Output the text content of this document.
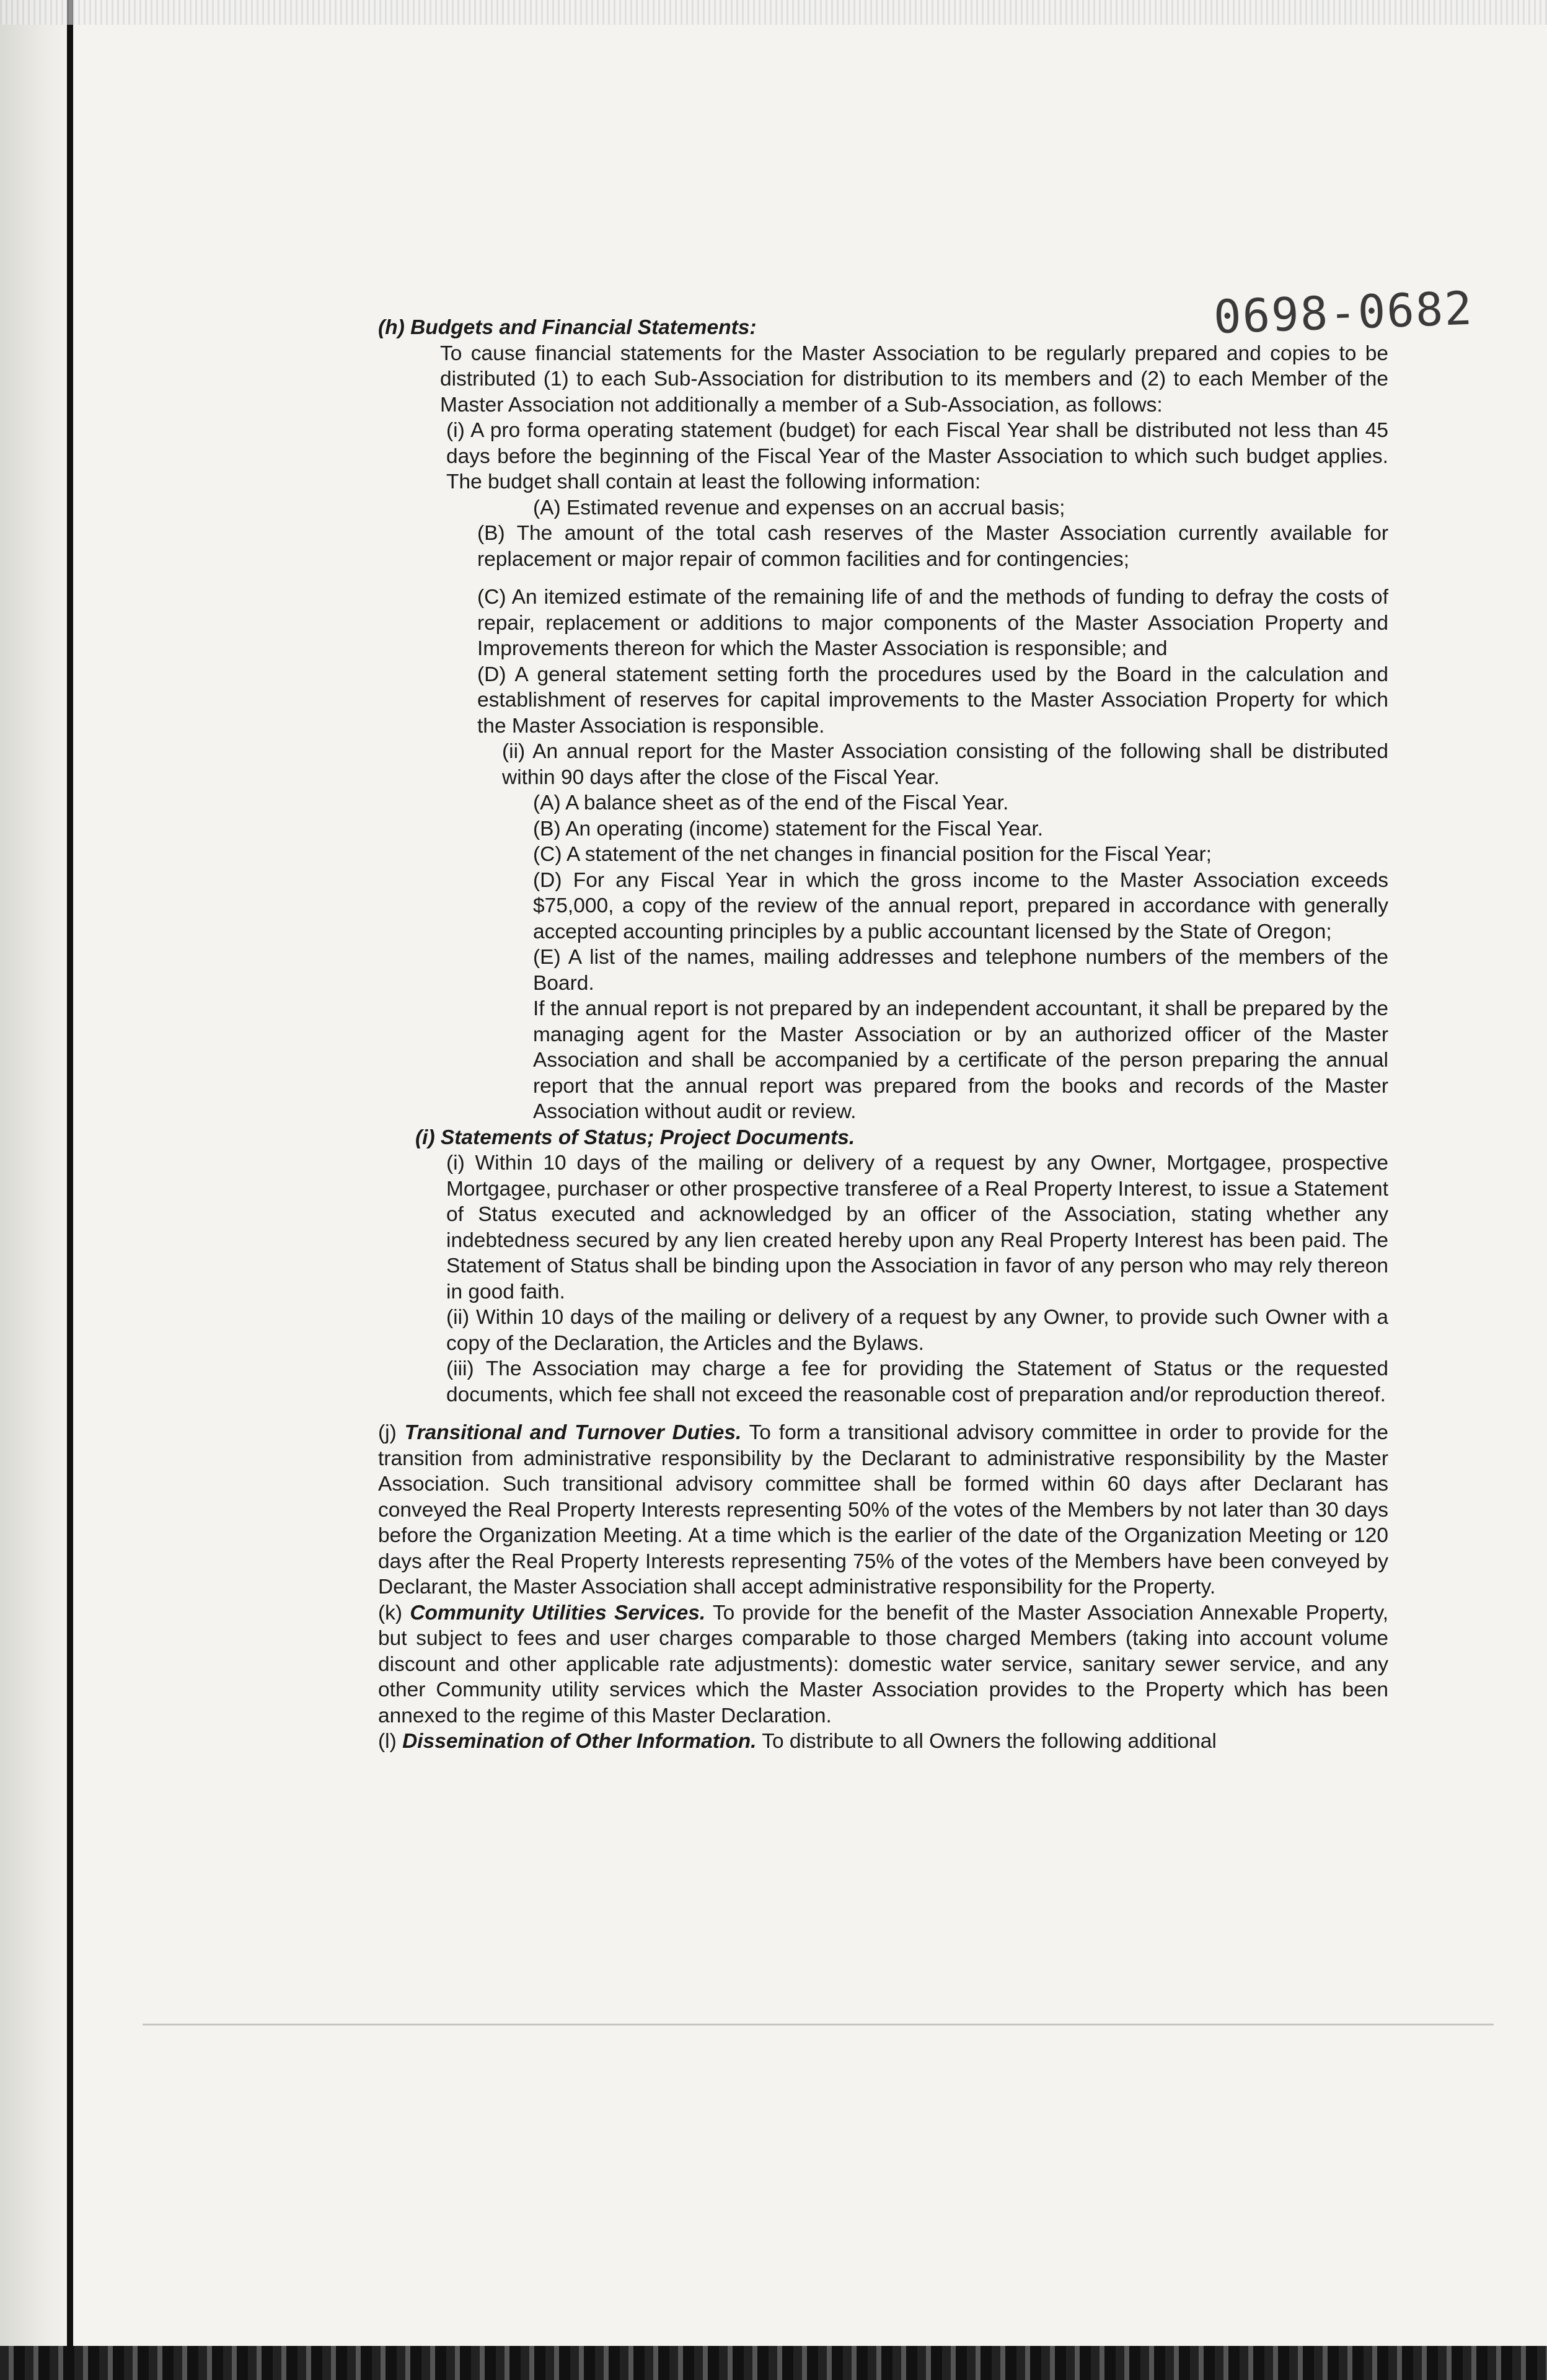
0698-0682

(h) Budgets and Financial Statements:

To cause financial statements for the Master Association to be regularly prepared and copies to be distributed (1) to each Sub-Association for distribution to its members and (2) to each Member of the Master Association not additionally a member of a Sub-Association, as follows:

(i) A pro forma operating statement (budget) for each Fiscal Year shall be distributed not less than 45 days before the beginning of the Fiscal Year of the Master Association to which such budget applies. The budget shall contain at least the following information:

(A) Estimated revenue and expenses on an accrual basis;

(B) The amount of the total cash reserves of the Master Association currently available for replacement or major repair of common facilities and for contingencies;

(C) An itemized estimate of the remaining life of and the methods of funding to defray the costs of repair, replacement or additions to major components of the Master Association Property and Improvements thereon for which the Master Association is responsible; and

(D) A general statement setting forth the procedures used by the Board in the calculation and establishment of reserves for capital improvements to the Master Association Property for which the Master Association is responsible.

(ii) An annual report for the Master Association consisting of the following shall be distributed within 90 days after the close of the Fiscal Year.

(A) A balance sheet as of the end of the Fiscal Year.

(B) An operating (income) statement for the Fiscal Year.

(C) A statement of the net changes in financial position for the Fiscal Year;

(D) For any Fiscal Year in which the gross income to the Master Association exceeds $75,000, a copy of the review of the annual report, prepared in accordance with generally accepted accounting principles by a public accountant licensed by the State of Oregon;

(E) A list of the names, mailing addresses and telephone numbers of the members of the Board.

If the annual report is not prepared by an independent accountant, it shall be prepared by the managing agent for the Master Association or by an authorized officer of the Master Association and shall be accompanied by a certificate of the person preparing the annual report that the annual report was prepared from the books and records of the Master Association without audit or review.

(i) Statements of Status; Project Documents.

(i) Within 10 days of the mailing or delivery of a request by any Owner, Mortgagee, prospective Mortgagee, purchaser or other prospective transferee of a Real Property Interest, to issue a Statement of Status executed and acknowledged by an officer of the Association, stating whether any indebtedness secured by any lien created hereby upon any Real Property Interest has been paid. The Statement of Status shall be binding upon the Association in favor of any person who may rely thereon in good faith.

(ii) Within 10 days of the mailing or delivery of a request by any Owner, to provide such Owner with a copy of the Declaration, the Articles and the Bylaws.

(iii) The Association may charge a fee for providing the Statement of Status or the requested documents, which fee shall not exceed the reasonable cost of preparation and/or reproduction thereof.

(j) Transitional and Turnover Duties. To form a transitional advisory committee in order to provide for the transition from administrative responsibility by the Declarant to administrative responsibility by the Master Association. Such transitional advisory committee shall be formed within 60 days after Declarant has conveyed the Real Property Interests representing 50% of the votes of the Members by not later than 30 days before the Organization Meeting. At a time which is the earlier of the date of the Organization Meeting or 120 days after the Real Property Interests representing 75% of the votes of the Members have been conveyed by Declarant, the Master Association shall accept administrative responsibility for the Property.

(k) Community Utilities Services. To provide for the benefit of the Master Association Annexable Property, but subject to fees and user charges comparable to those charged Members (taking into account volume discount and other applicable rate adjustments): domestic water service, sanitary sewer service, and any other Community utility services which the Master Association provides to the Property which has been annexed to the regime of this Master Declaration.

(l) Dissemination of Other Information. To distribute to all Owners the following additional
